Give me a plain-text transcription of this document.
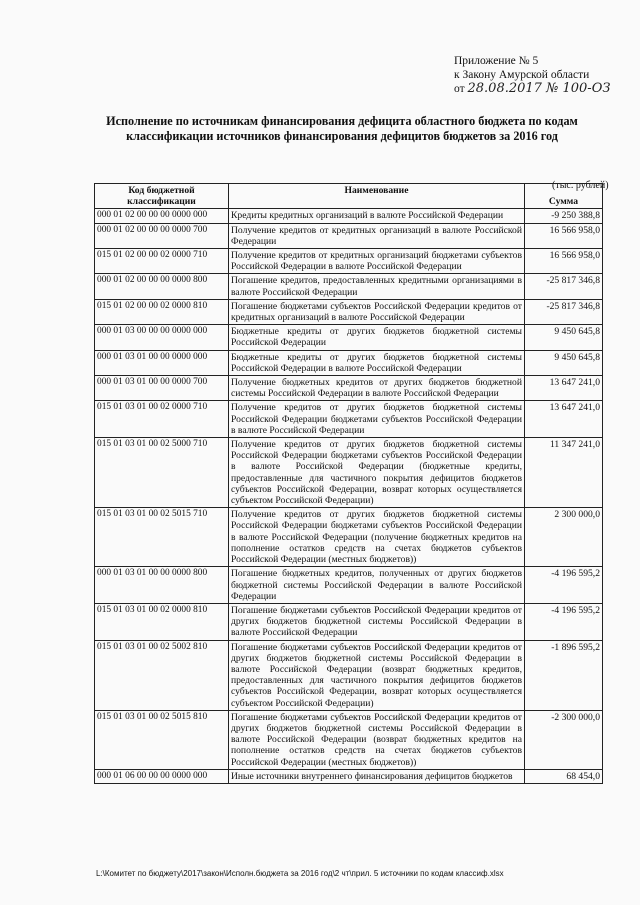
Приложение № 5
к Закону Амурской области
от 28.08.2017 № 100-ОЗ
Исполнение по источникам финансирования дефицита областного бюджета по кодам классификации источников финансирования дефицитов бюджетов за 2016 год
(тыс. рублей)
Код бюджетной классификации	Наименование	Сумма
000 01 02 00 00 00 0000 000	Кредиты кредитных организаций в валюте Российской Федерации	-9 250 388,8
000 01 02 00 00 00 0000 700	Получение кредитов от кредитных организаций в валюте Российской Федерации	16 566 958,0
015 01 02 00 00 02 0000 710	Получение кредитов от кредитных организаций бюджетами субъектов Российской Федерации в валюте Российской Федерации	16 566 958,0
000 01 02 00 00 00 0000 800	Погашение кредитов, предоставленных кредитными организациями в валюте Российской Федерации	-25 817 346,8
015 01 02 00 00 02 0000 810	Погашение бюджетами субъектов Российской Федерации кредитов от кредитных организаций в валюте Российской Федерации	-25 817 346,8
000 01 03 00 00 00 0000 000	Бюджетные кредиты от других бюджетов бюджетной системы Российской Федерации	9 450 645,8
000 01 03 01 00 00 0000 000	Бюджетные кредиты от других бюджетов бюджетной системы Российской Федерации в валюте Российской Федерации	9 450 645,8
000 01 03 01 00 00 0000 700	Получение бюджетных кредитов от других бюджетов бюджетной системы Российской Федерации в валюте Российской Федерации	13 647 241,0
015 01 03 01 00 02 0000 710	Получение кредитов от других бюджетов бюджетной системы Российской Федерации бюджетами субъектов Российской Федерации в валюте Российской Федерации	13 647 241,0
015 01 03 01 00 02 5000 710	Получение кредитов от других бюджетов бюджетной системы Российской Федерации бюджетами субъектов Российской Федерации в валюте Российской Федерации (бюджетные кредиты, предоставленные для частичного покрытия дефицитов бюджетов субъектов Российской Федерации, возврат которых осуществляется субъектом Российской Федерации)	11 347 241,0
015 01 03 01 00 02 5015 710	Получение кредитов от других бюджетов бюджетной системы Российской Федерации бюджетами субъектов Российской Федерации в валюте Российской Федерации (получение бюджетных кредитов на пополнение остатков средств на счетах бюджетов субъектов Российской Федерации (местных бюджетов))	2 300 000,0
000 01 03 01 00 00 0000 800	Погашение бюджетных кредитов, полученных от других бюджетов бюджетной системы Российской Федерации в валюте Российской Федерации	-4 196 595,2
015 01 03 01 00 02 0000 810	Погашение бюджетами субъектов Российской Федерации кредитов от других бюджетов бюджетной системы Российской Федерации в валюте Российской Федерации	-4 196 595,2
015 01 03 01 00 02 5002 810	Погашение бюджетами субъектов Российской Федерации кредитов от других бюджетов бюджетной системы Российской Федерации в валюте Российской Федерации (возврат бюджетных кредитов, предоставленных для частичного покрытия дефицитов бюджетов субъектов Российской Федерации, возврат которых осуществляется субъектом Российской Федерации)	-1 896 595,2
015 01 03 01 00 02 5015 810	Погашение бюджетами субъектов Российской Федерации кредитов от других бюджетов бюджетной системы Российской Федерации в валюте Российской Федерации (возврат бюджетных кредитов на пополнение остатков средств на счетах бюджетов субъектов Российской Федерации (местных бюджетов))	-2 300 000,0
000 01 06 00 00 00 0000 000	Иные источники внутреннего финансирования дефицитов бюджетов	68 454,0
L:\Комитет по бюджету\2017\закон\Исполн.бюджета за 2016 год\2 чт\прил. 5 источники по кодам классиф.xlsx
